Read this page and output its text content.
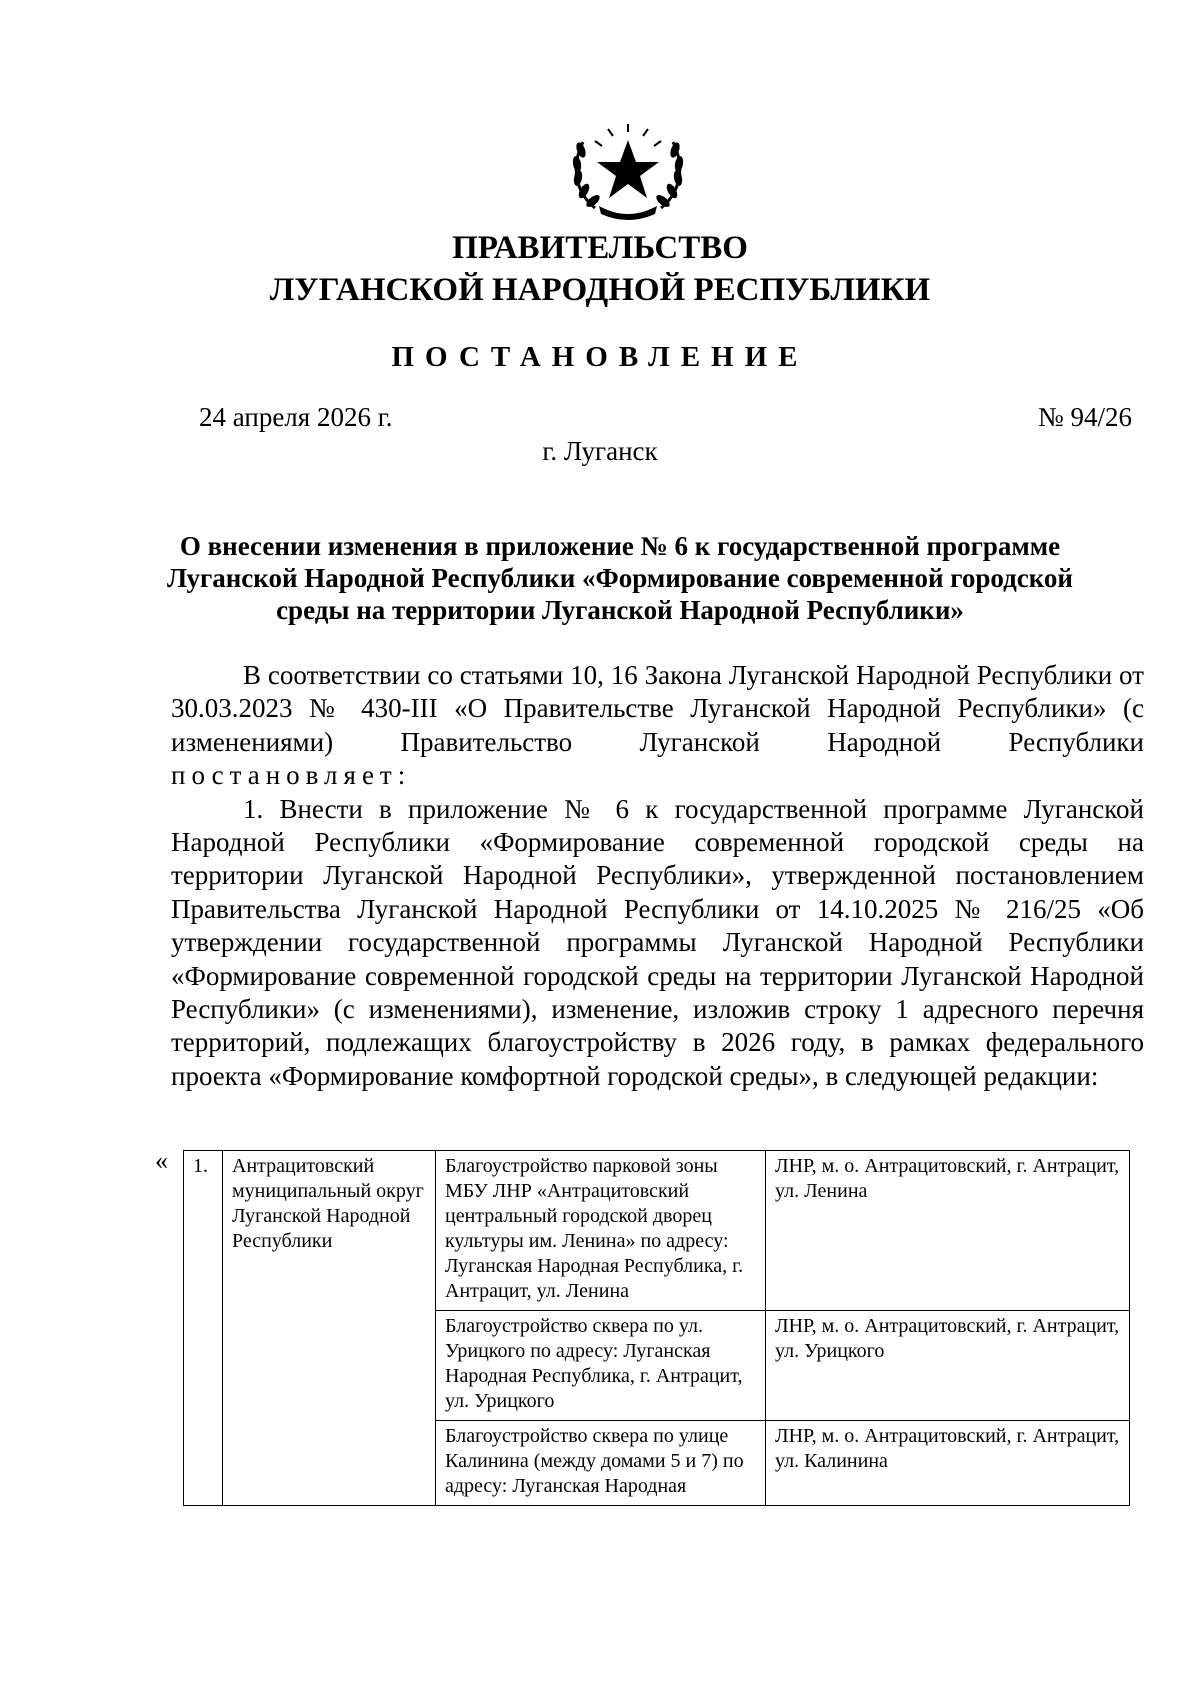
ПРАВИТЕЛЬСТВО
ЛУГАНСКОЙ НАРОДНОЙ РЕСПУБЛИКИ
ПОСТАНОВЛЕНИЕ
24 апреля 2026 г.	№ 94/26
г. Луганск
О внесении изменения в приложение № 6 к государственной программе
Луганской Народной Республики «Формирование современной городской
среды на территории Луганской Народной Республики»

В соответствии со статьями 10, 16 Закона Луганской Народной Республики от 30.03.2023 № 430-III «О Правительстве Луганской Народной Республики» (с изменениями) Правительство Луганской Народной Республики постановляет:

1. Внести в приложение № 6 к государственной программе Луганской Народной Республики «Формирование современной городской среды на территории Луганской Народной Республики», утвержденной постановлением Правительства Луганской Народной Республики от 14.10.2025 № 216/25 «Об утверждении государственной программы Луганской Народной Республики «Формирование современной городской среды на территории Луганской Народной Республики» (с изменениями), изменение, изложив строку 1 адресного перечня территорий, подлежащих благоустройству в 2026 году, в рамках федерального проекта «Формирование комфортной городской среды», в следующей редакции:

« 1.	Антрацитовский муниципальный округ Луганской Народной Республики	Благоустройство парковой зоны МБУ ЛНР «Антрацитовский центральный городской дворец культуры им. Ленина» по адресу: Луганская Народная Республика, г. Антрацит, ул. Ленина	ЛНР, м. о. Антрацитовский, г. Антрацит, ул. Ленина
		Благоустройство сквера по ул. Урицкого по адресу: Луганская Народная Республика, г. Антрацит, ул. Урицкого	ЛНР, м. о. Антрацитовский, г. Антрацит, ул. Урицкого
		Благоустройство сквера по улице Калинина (между домами 5 и 7) по адресу: Луганская Народная	ЛНР, м. о. Антрацитовский, г. Антрацит, ул. Калинина
